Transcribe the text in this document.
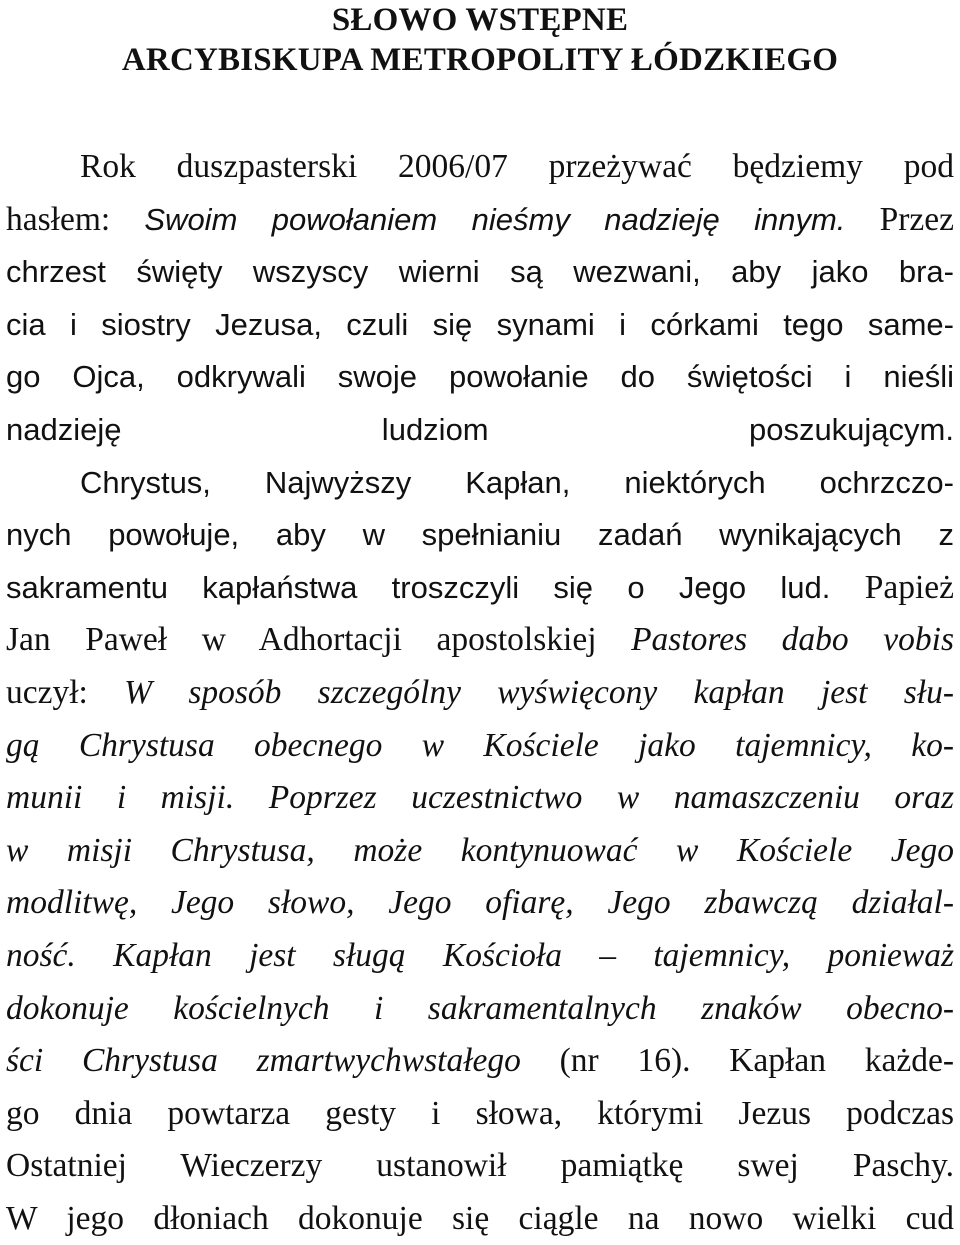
SŁOWO WSTĘPNE
ARCYBISKUPA METROPOLITY ŁÓDZKIEGO
Rok duszpasterski 2006/07 przeżywać będziemy pod
hasłem: Swoim powołaniem nieśmy nadzieję innym. Przez
chrzest święty wszyscy wierni są wezwani, aby jako bra-
cia i siostry Jezusa, czuli się synami i córkami tego same-
go Ojca, odkrywali swoje powołanie do świętości i nieśli
nadzieję ludziom poszukującym.
Chrystus, Najwyższy Kapłan, niektórych ochrzczo-
nych powołuje, aby w spełnianiu zadań wynikających z
sakramentu kapłaństwa troszczyli się o Jego lud. Papież
Jan Paweł w Adhortacji apostolskiej Pastores dabo vobis
uczył: W sposób szczególny wyświęcony kapłan jest słu-
gą Chrystusa obecnego w Kościele jako tajemnicy, ko-
munii i misji. Poprzez uczestnictwo w namaszczeniu oraz
w misji Chrystusa, może kontynuować w Kościele Jego
modlitwę, Jego słowo, Jego ofiarę, Jego zbawczą działal-
ność. Kapłan jest sługą Kościoła – tajemnicy, ponieważ
dokonuje kościelnych i sakramentalnych znaków obecno-
ści Chrystusa zmartwychwstałego (nr 16). Kapłan każde-
go dnia powtarza gesty i słowa, którymi Jezus podczas
Ostatniej Wieczerzy ustanowił pamiątkę swej Paschy.
W jego dłoniach dokonuje się ciągle na nowo wielki cud
